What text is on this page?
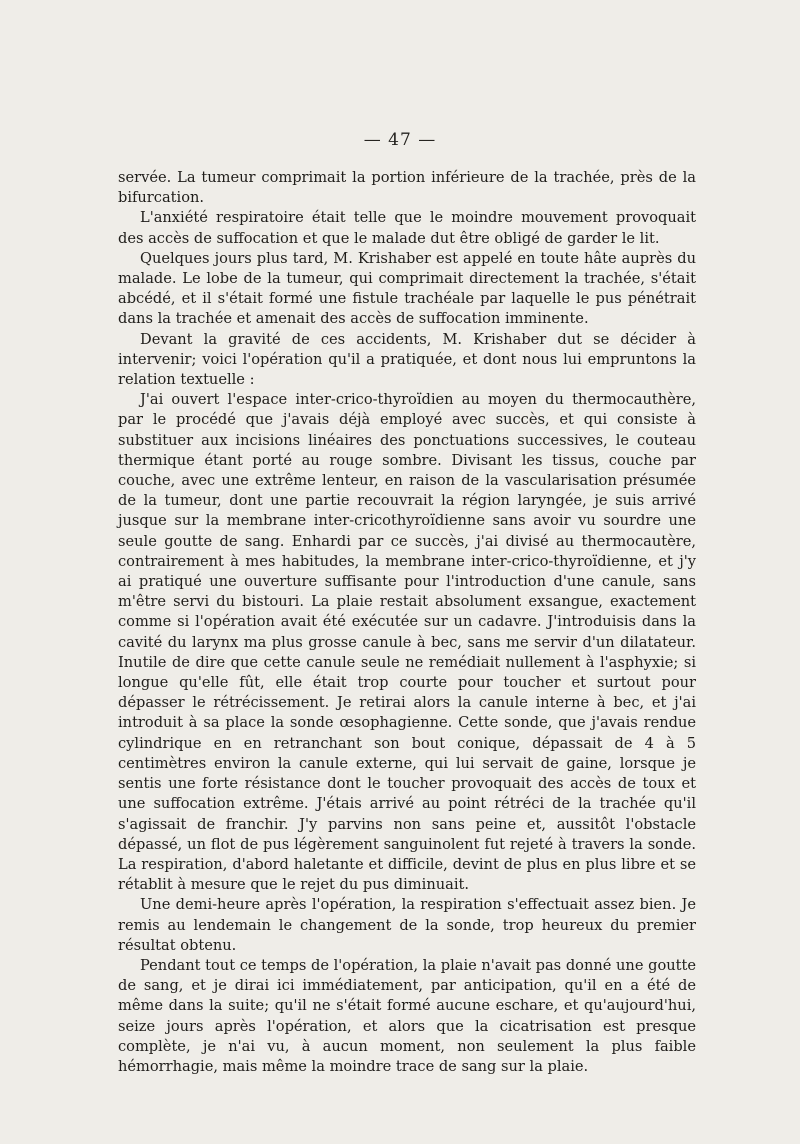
— 47 —

servée. La tumeur comprimait la portion inférieure de la trachée, près de la bifurcation.

L'anxiété respiratoire était telle que le moindre mouvement provoquait des accès de suffocation et que le malade dut être obligé de garder le lit.

Quelques jours plus tard, M. Krishaber est appelé en toute hâte auprès du malade. Le lobe de la tumeur, qui comprimait directement la trachée, s'était abcédé, et il s'était formé une fistule trachéale par laquelle le pus pénétrait dans la trachée et amenait des accès de suffocation imminente.

Devant la gravité de ces accidents, M. Krishaber dut se décider à intervenir; voici l'opération qu'il a pratiquée, et dont nous lui empruntons la relation textuelle :

J'ai ouvert l'espace inter-crico-thyroïdien au moyen du thermocauthère, par le procédé que j'avais déjà employé avec succès, et qui consiste à substituer aux incisions linéaires des ponctuations successives, le couteau thermique étant porté au rouge sombre. Divisant les tissus, couche par couche, avec une extrême lenteur, en raison de la vascularisation présumée de la tumeur, dont une partie recouvrait la région laryngée, je suis arrivé jusque sur la membrane inter-cricothyroïdienne sans avoir vu sourdre une seule goutte de sang. Enhardi par ce succès, j'ai divisé au thermocautère, contrairement à mes habitudes, la membrane inter-crico-thyroïdienne, et j'y ai pratiqué une ouverture suffisante pour l'introduction d'une canule, sans m'être servi du bistouri. La plaie restait absolument exsangue, exactement comme si l'opération avait été exécutée sur un cadavre. J'introduisis dans la cavité du larynx ma plus grosse canule à bec, sans me servir d'un dilatateur. Inutile de dire que cette canule seule ne remédiait nullement à l'asphyxie; si longue qu'elle fût, elle était trop courte pour toucher et surtout pour dépasser le rétrécissement. Je retirai alors la canule interne à bec, et j'ai introduit à sa place la sonde œsophagienne. Cette sonde, que j'avais rendue cylindrique en en retranchant son bout conique, dépassait de 4 à 5 centimètres environ la canule externe, qui lui servait de gaine, lorsque je sentis une forte résistance dont le toucher provoquait des accès de toux et une suffocation extrême. J'étais arrivé au point rétréci de la trachée qu'il s'agissait de franchir. J'y parvins non sans peine et, aussitôt l'obstacle dépassé, un flot de pus légèrement sanguinolent fut rejeté à travers la sonde. La respiration, d'abord haletante et difficile, devint de plus en plus libre et se rétablit à mesure que le rejet du pus diminuait.

Une demi-heure après l'opération, la respiration s'effectuait assez bien. Je remis au lendemain le changement de la sonde, trop heureux du premier résultat obtenu.

Pendant tout ce temps de l'opération, la plaie n'avait pas donné une goutte de sang, et je dirai ici immédiatement, par anticipation, qu'il en a été de même dans la suite; qu'il ne s'était formé aucune eschare, et qu'aujourd'hui, seize jours après l'opération, et alors que la cicatrisation est presque complète, je n'ai vu, à aucun moment, non seulement la plus faible hémorrhagie, mais même la moindre trace de sang sur la plaie.
